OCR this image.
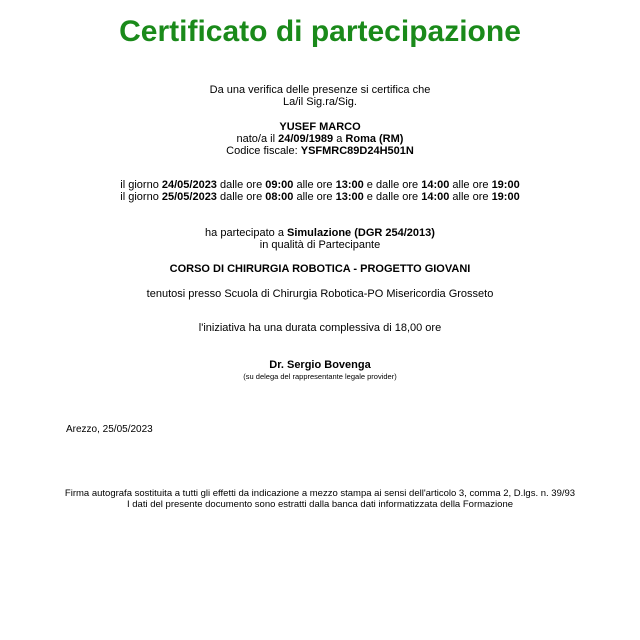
Certificato di partecipazione
Da una verifica delle presenze si certifica che
La/il Sig.ra/Sig.
YUSEF MARCO
nato/a il 24/09/1989 a Roma (RM)
Codice fiscale: YSFMRC89D24H501N
il giorno 24/05/2023 dalle ore 09:00 alle ore 13:00 e dalle ore 14:00 alle ore 19:00
il giorno 25/05/2023 dalle ore 08:00 alle ore 13:00 e dalle ore 14:00 alle ore 19:00
ha partecipato a Simulazione (DGR 254/2013)
in qualità di Partecipante
CORSO DI CHIRURGIA ROBOTICA - PROGETTO GIOVANI
tenutosi presso Scuola di Chirurgia Robotica-PO Misericordia Grosseto
l'iniziativa ha una durata complessiva di 18,00 ore
Dr. Sergio Bovenga
(su delega del rappresentante legale provider)
Arezzo, 25/05/2023
Firma autografa sostituita a tutti gli effetti da indicazione a mezzo stampa ai sensi dell'articolo 3, comma 2, D.lgs. n. 39/93
I dati del presente documento sono estratti dalla banca dati informatizzata della Formazione
